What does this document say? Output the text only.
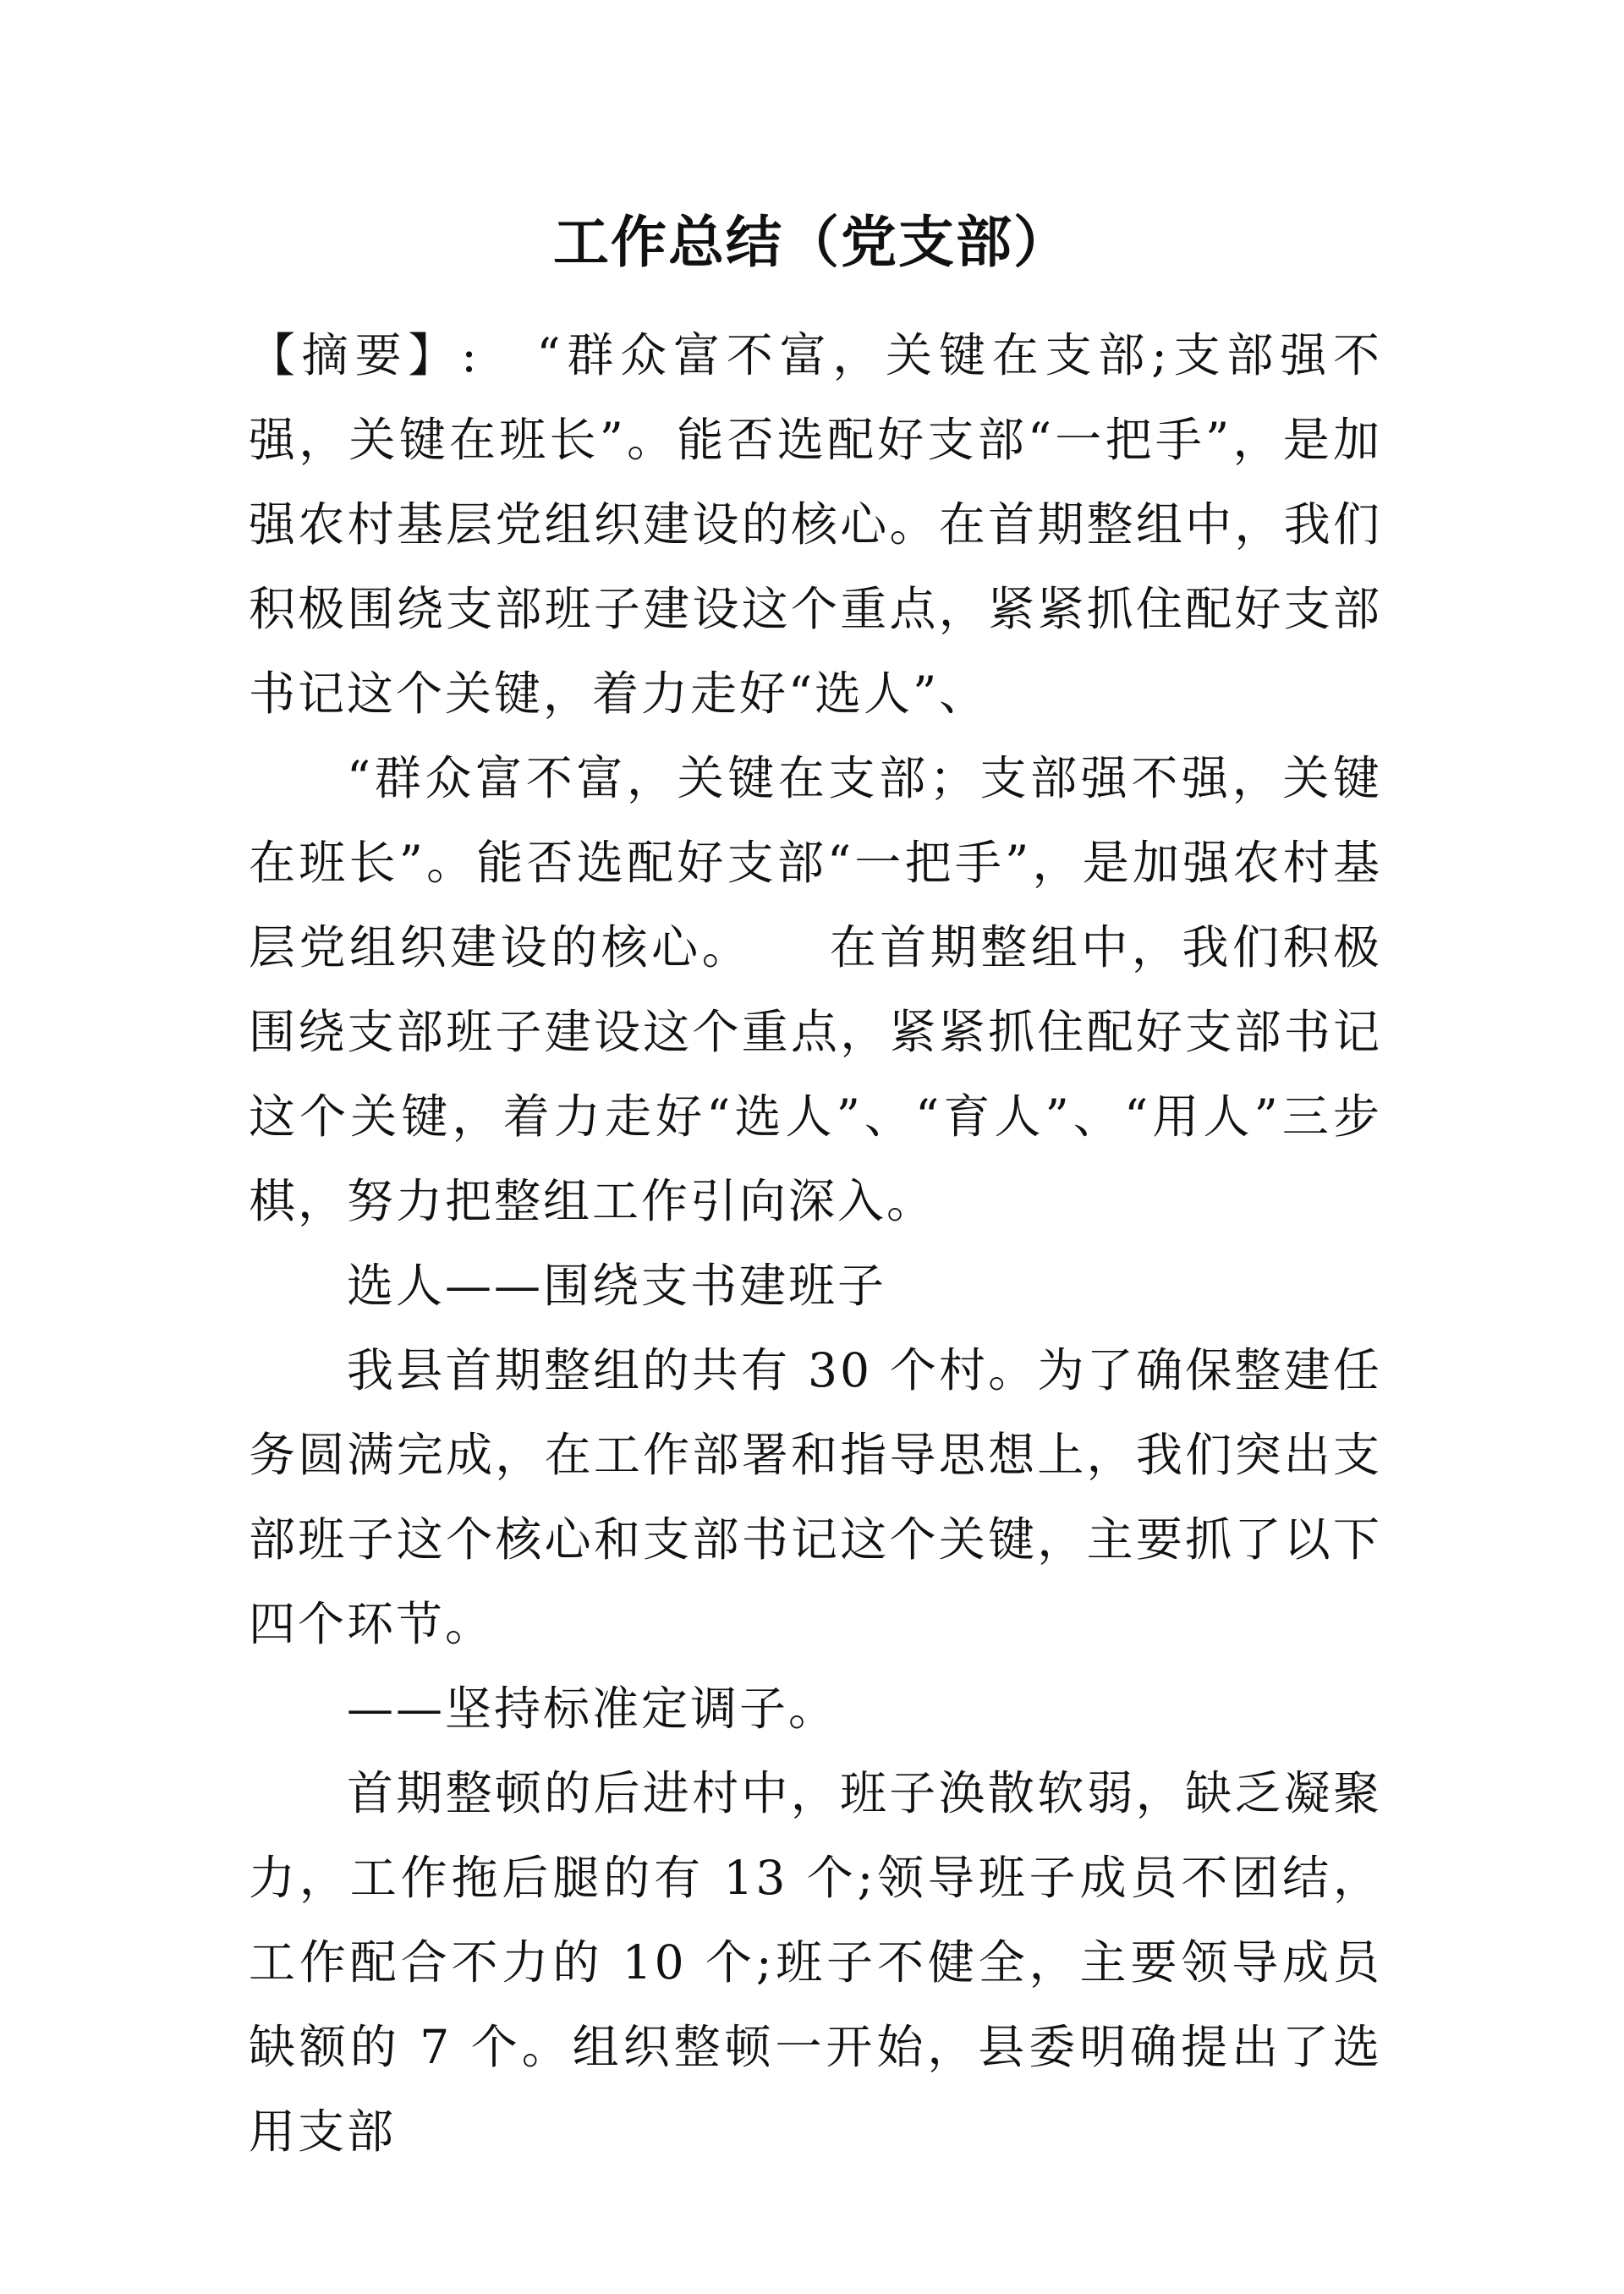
工作总结（党支部）

【摘要】:　“群众富不富，关键在支部;支部强不强，关键在班长”。能否选配好支部“一把手”，是加强农村基层党组织建设的核心。在首期整组中，我们积极围绕支部班子建设这个重点，紧紧抓住配好支部书记这个关键，着力走好“选人”、

“群众富不富，关键在支部；支部强不强，关键在班长”。能否选配好支部“一把手”，是加强农村基层党组织建设的核心。　　在首期整组中，我们积极围绕支部班子建设这个重点，紧紧抓住配好支部书记这个关键，着力走好“选人”、“育人”、“用人”三步棋，努力把整组工作引向深入。

选人——围绕支书建班子

我县首期整组的共有 30 个村。为了确保整建任务圆满完成，在工作部署和指导思想上，我们突出支部班子这个核心和支部书记这个关键，主要抓了以下四个环节。

——坚持标准定调子。

首期整顿的后进村中，班子涣散软弱，缺乏凝聚力，工作拖后腿的有 13 个;领导班子成员不团结，工作配合不力的 10 个;班子不健全，主要领导成员缺额的 7 个。组织整顿一开始，县委明确提出了选用支部
